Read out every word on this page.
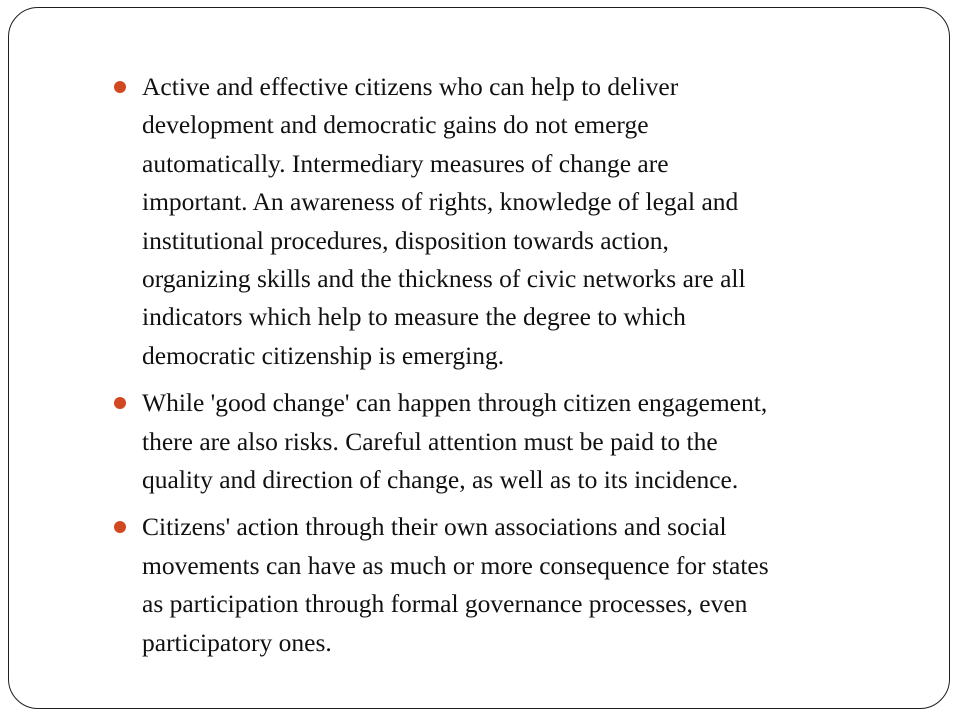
Active and effective citizens who can help to deliver
development and democratic gains do not emerge
automatically. Intermediary measures of change are
important. An awareness of rights, knowledge of legal and
institutional procedures, disposition towards action,
organizing skills and the thickness of civic networks are all
indicators which help to measure the degree to which
democratic citizenship is emerging.
While 'good change' can happen through citizen engagement,
there are also risks. Careful attention must be paid to the
quality and direction of change, as well as to its incidence.
Citizens' action through their own associations and social
movements can have as much or more consequence for states
as participation through formal governance processes, even
participatory ones.
